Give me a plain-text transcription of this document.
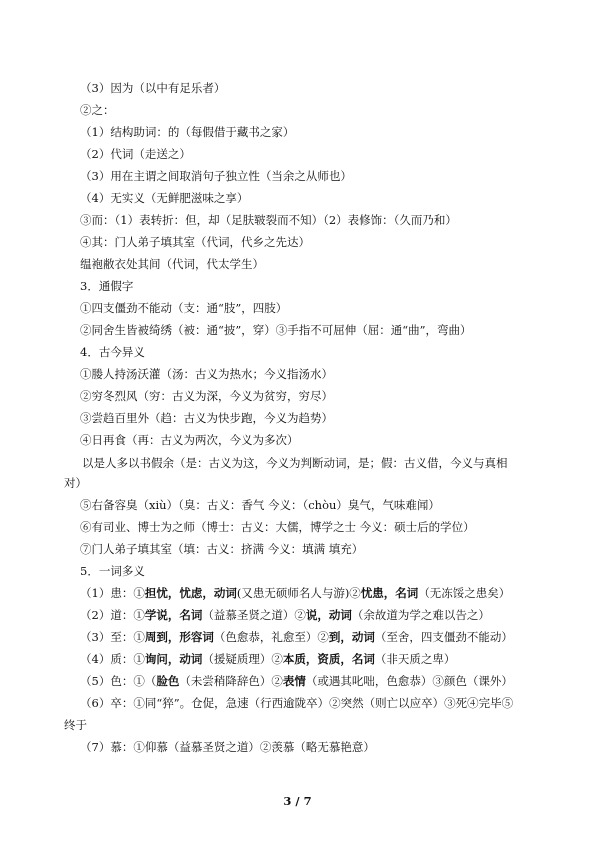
（3）因为（以中有足乐者）
②之：
（1）结构助词：的（每假借于藏书之家）
（2）代词（走送之）
（3）用在主谓之间取消句子独立性（当余之从师也）
（4）无实义（无鲜肥滋味之享）
③而：（1）表转折：但，却（足肤皲裂而不知）（2）表修饰：（久而乃和）
④其：门人弟子填其室（代词，代乡之先达）
缊袍敝衣处其间（代词，代太学生）
3．通假字
①四支僵劲不能动（支：通“肢”，四肢）
②同舍生皆被绮绣（被：通“披”，穿）③手指不可屈伸（屈：通“曲”，弯曲）
4．古今异义
①媵人持汤沃灌（汤：古义为热水；今义指汤水）
②穷冬烈风（穷：古义为深，今义为贫穷，穷尽）
③尝趋百里外（趋：古义为快步跑，今义为趋势）
④日再食（再：古义为两次，今义为多次）
以是人多以书假余（是：古义为这，今义为判断动词，是；假：古义借，今义与真相
对）
⑤右备容臭（xiù）（臭：古义：香气 今义：（chòu）臭气，气味难闻）
⑥有司业、博士为之师（博士：古义：大儒，博学之士 今义：硕士后的学位）
⑦门人弟子填其室（填：古义：挤满 今义：填满 填充）
5．一词多义
（1）患：①担忧，忧虑，动词(又患无硕师名人与游)②忧患，名词（无冻馁之患矣）
（2）道：①学说，名词（益慕圣贤之道）②说，动词（余故道为学之难以告之）
（3）至：①周到，形容词（色愈恭，礼愈至）②到，动词（至舍，四支僵劲不能动）
（4）质：①询问，动词（援疑质理）②本质，资质，名词（非天质之卑）
（5）色：①（脸色（未尝稍降辞色）②表情（或遇其叱咄，色愈恭）③颜色（课外）
（6）卒：①同“猝”。仓促，急速（行西逾陇卒）②突然（则亡以应卒）③死④完毕⑤
终于
（7）慕：①仰慕（益慕圣贤之道）②羡慕（略无慕艳意）
3 / 7
